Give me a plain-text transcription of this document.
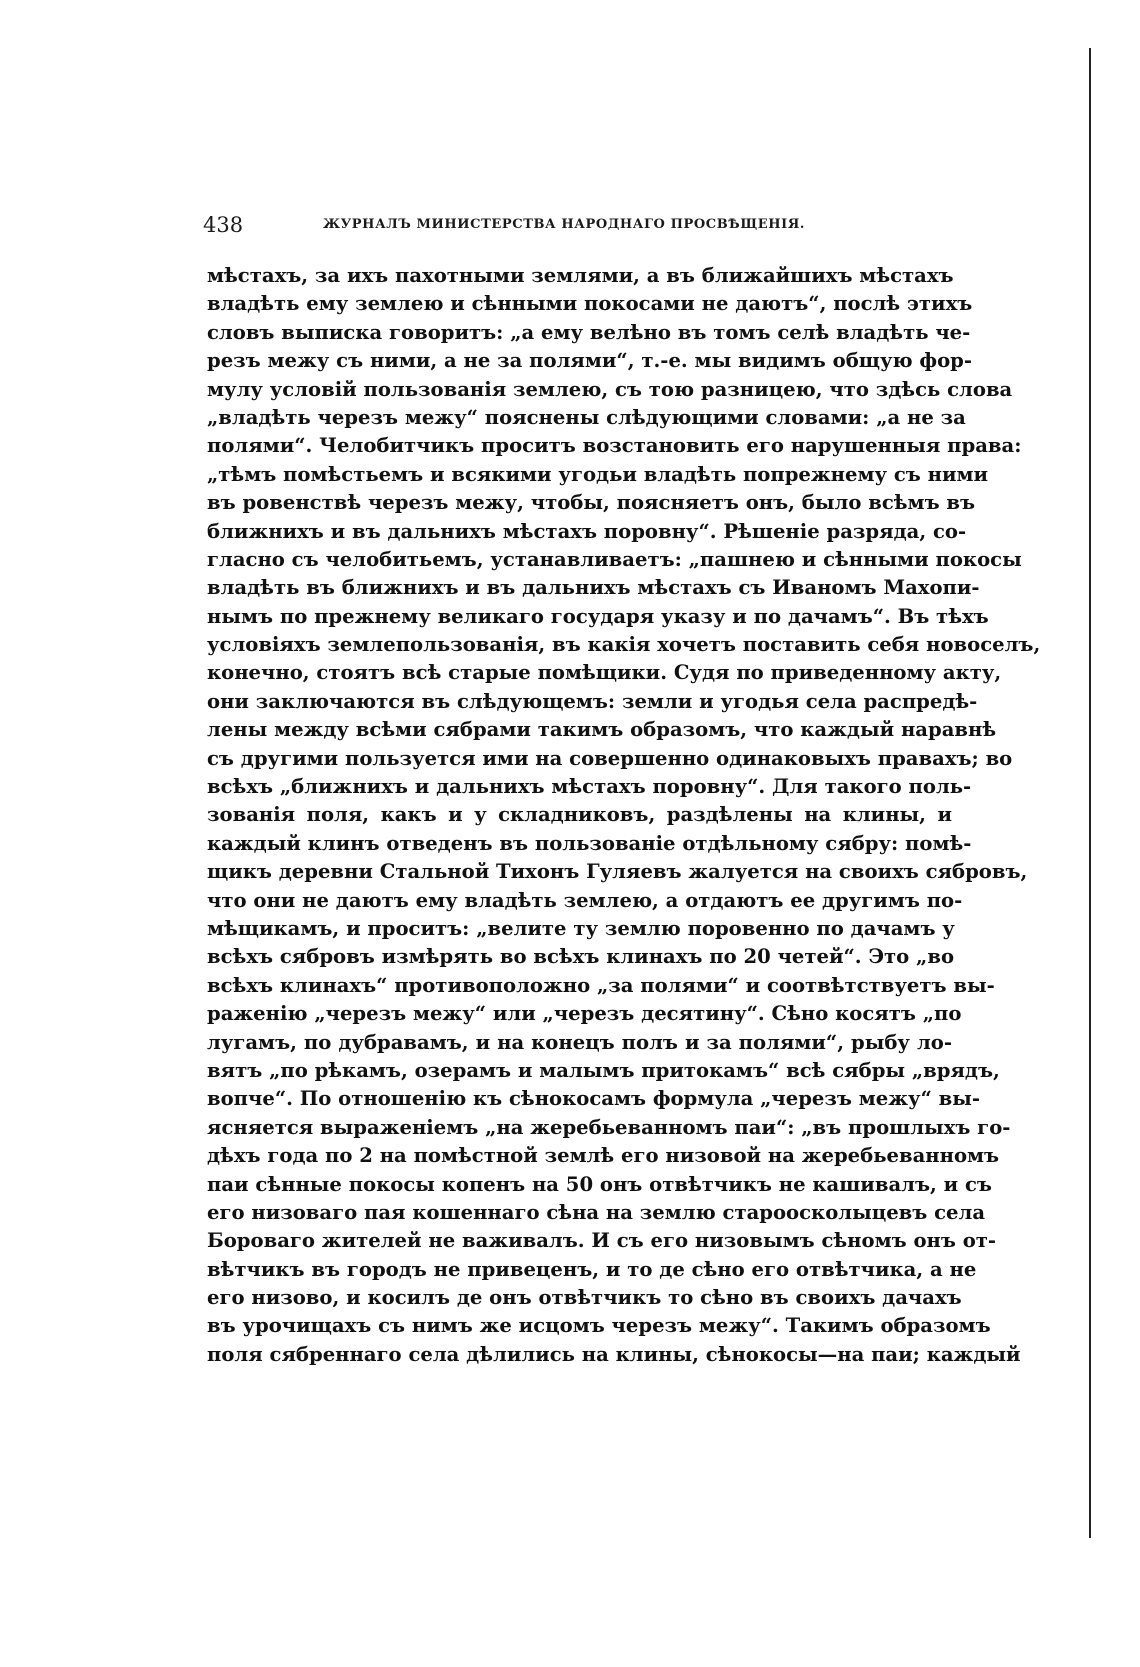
438	ЖУРНАЛЪ МИНИСТЕРСТВА НАРОДНАГО ПРОСВѢЩЕНІЯ.
мѣстахъ, за ихъ пахотными землями, а въ ближайшихъ мѣстахъ
владѣть ему землею и сѣнными покосами не даютъ“, послѣ этихъ
словъ выписка говоритъ: „а ему велѣно въ томъ селѣ владѣть че-
резъ межу съ ними, а не за полями“, т.-е. мы видимъ общую фор-
мулу условій пользованія землею, съ тою разницею, что здѣсь слова
„владѣть черезъ межу“ пояснены слѣдующими словами: „а не за
полями“. Челобитчикъ проситъ возстановить его нарушенныя права:
„тѣмъ помѣстьемъ и всякими угодьи владѣть попрежнему съ ними
въ ровенствѣ черезъ межу, чтобы, поясняетъ онъ, было всѣмъ въ
ближнихъ и въ дальнихъ мѣстахъ поровну“. Рѣшеніе разряда, со-
гласно съ челобитьемъ, устанавливаетъ: „пашнею и сѣнными покосы
владѣть въ ближнихъ и въ дальнихъ мѣстахъ съ Иваномъ Махопи-
нымъ по прежнему великаго государя указу и по дачамъ“. Въ тѣхъ
условіяхъ землепользованія, въ какія хочетъ поставить себя новоселъ,
конечно, стоятъ всѣ старые помѣщики. Судя по приведенному акту,
они заключаются въ слѣдующемъ: земли и угодья села распредѣ-
лены между всѣми сябрами такимъ образомъ, что каждый наравнѣ
съ другими пользуется ими на совершенно одинаковыхъ правахъ; во
всѣхъ „ближнихъ и дальнихъ мѣстахъ поровну“. Для такого поль-
зованія поля, какъ и у складниковъ, раздѣлены на клины, и
каждый клинъ отведенъ въ пользованіе отдѣльному сябру: помѣ-
щикъ деревни Стальной Тихонъ Гуляевъ жалуется на своихъ сябровъ,
что они не даютъ ему владѣть землею, а отдаютъ ее другимъ по-
мѣщикамъ, и проситъ: „велите ту землю поровенно по дачамъ у
всѣхъ сябровъ измѣрять во всѣхъ клинахъ по 20 четей“. Это „во
всѣхъ клинахъ“ противоположно „за полями“ и соотвѣтствуетъ вы-
раженію „черезъ межу“ или „черезъ десятину“. Сѣно косятъ „по
лугамъ, по дубравамъ, и на конецъ полъ и за полями“, рыбу ло-
вятъ „по рѣкамъ, озерамъ и малымъ притокамъ“ всѣ сябры „врядъ,
вопче“. По отношенію къ сѣнокосамъ формула „черезъ межу“ вы-
ясняется выраженіемъ „на жеребьеванномъ паи“: „въ прошлыхъ го-
дѣхъ года по 2 на помѣстной землѣ его низовой на жеребьеванномъ
паи сѣнные покосы копенъ на 50 онъ отвѣтчикъ не кашивалъ, и съ
его низоваго пая кошеннаго сѣна на землю староосколыцевъ села
Бороваго жителей не важивалъ. И съ его низовымъ сѣномъ онъ от-
вѣтчикъ въ городъ не привеценъ, и то де сѣно его отвѣтчика, а не
его низово, и косилъ де онъ отвѣтчикъ то сѣно въ своихъ дачахъ
въ урочищахъ съ нимъ же исцомъ черезъ межу“. Такимъ образомъ
поля сябреннаго села дѣлились на клины, сѣнокосы—на паи; каждый
